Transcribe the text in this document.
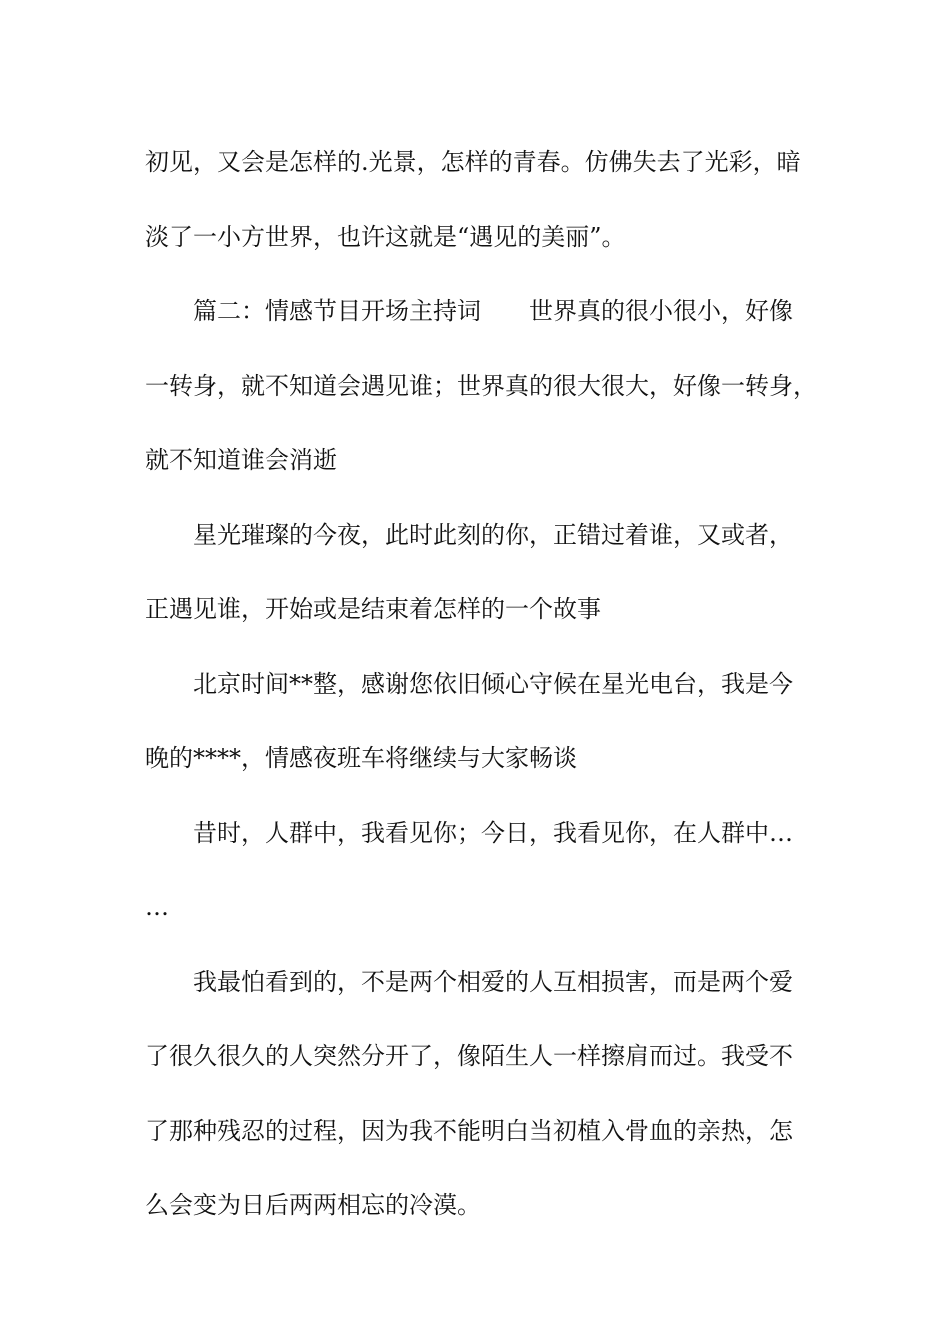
初见，又会是怎样的.光景，怎样的青春。仿佛失去了光彩，暗
淡了一小方世界，也许这就是“遇见的美丽”。
篇二：情感节目开场主持词　　世界真的很小很小，好像
一转身，就不知道会遇见谁；世界真的很大很大，好像一转身，
就不知道谁会消逝
星光璀璨的今夜，此时此刻的你，正错过着谁，又或者，
正遇见谁，开始或是结束着怎样的一个故事
北京时间**整，感谢您依旧倾心守候在星光电台，我是今
晚的****，情感夜班车将继续与大家畅谈
昔时，人群中，我看见你；今日，我看见你，在人群中…
…
我最怕看到的，不是两个相爱的人互相损害，而是两个爱
了很久很久的人突然分开了，像陌生人一样擦肩而过。我受不
了那种残忍的过程，因为我不能明白当初植入骨血的亲热，怎
么会变为日后两两相忘的冷漠。
